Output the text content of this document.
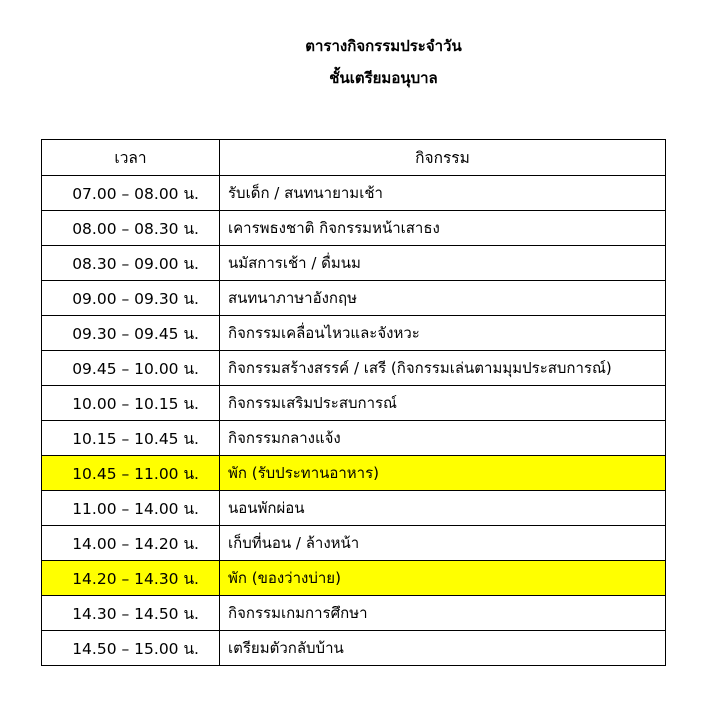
ตารางกิจกรรมประจำวัน
ชั้นเตรียมอนุบาล
เวลา	กิจกรรม
07.00 – 08.00 น.	รับเด็ก / สนทนายามเช้า
08.00 – 08.30 น.	เคารพธงชาติ กิจกรรมหน้าเสาธง
08.30 – 09.00 น.	นมัสการเช้า / ดื่มนม
09.00 – 09.30 น.	สนทนาภาษาอังกฤษ
09.30 – 09.45 น.	กิจกรรมเคลื่อนไหวและจังหวะ
09.45 – 10.00 น.	กิจกรรมสร้างสรรค์ / เสรี (กิจกรรมเล่นตามมุมประสบการณ์)
10.00 – 10.15 น.	กิจกรรมเสริมประสบการณ์
10.15 – 10.45 น.	กิจกรรมกลางแจ้ง
10.45 – 11.00 น.	พัก (รับประทานอาหาร)
11.00 – 14.00 น.	นอนพักผ่อน
14.00 – 14.20 น.	เก็บที่นอน / ล้างหน้า
14.20 – 14.30 น.	พัก (ของว่างบ่าย)
14.30 – 14.50 น.	กิจกรรมเกมการศึกษา
14.50 – 15.00 น.	เตรียมตัวกลับบ้าน
